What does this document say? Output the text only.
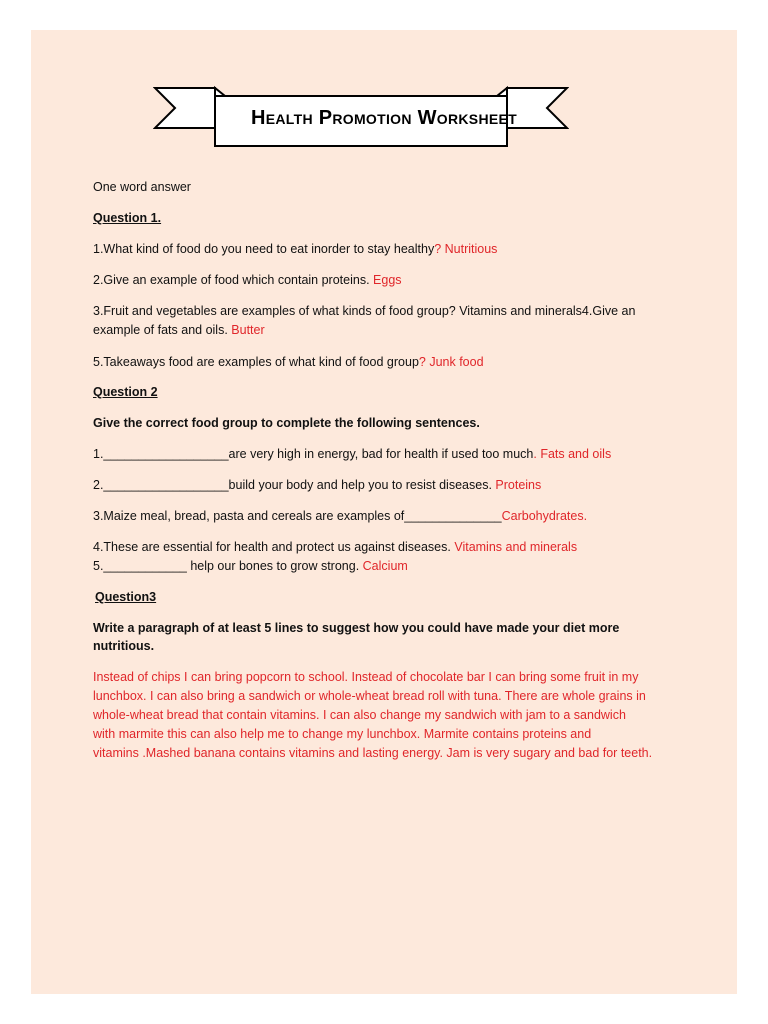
Health Promotion Worksheet
One word answer
Question 1.
1.What kind of food do you need to eat inorder to stay healthy? Nutritious
2.Give an example of food which contain proteins. Eggs
3.Fruit and vegetables are examples of what kinds of food group? Vitamins and minerals4.Give an
example of fats and oils. Butter
5.Takeaways food are examples of what kind of food group? Junk food
Question 2
Give the correct food group to complete the following sentences.
1.__________________are very high in energy, bad for health if used too much. Fats and oils
2.__________________build your body and help you to resist diseases. Proteins
3.Maize meal, bread, pasta and cereals are examples of______________Carbohydrates.
4.These are essential for health and protect us against diseases. Vitamins and minerals
5.____________ help our bones to grow strong. Calcium
Question3
Write a paragraph of at least 5 lines to suggest how you could have made your diet more
nutritious.
Instead of chips I can bring popcorn to school. Instead of chocolate bar I can bring some fruit in my
lunchbox. I can also bring a sandwich or whole-wheat bread roll with tuna. There are whole grains in
whole-wheat bread that contain vitamins. I can also change my sandwich with jam to a sandwich
with marmite this can also help me to change my lunchbox. Marmite contains proteins and
vitamins .Mashed banana contains vitamins and lasting energy. Jam is very sugary and bad for teeth.
